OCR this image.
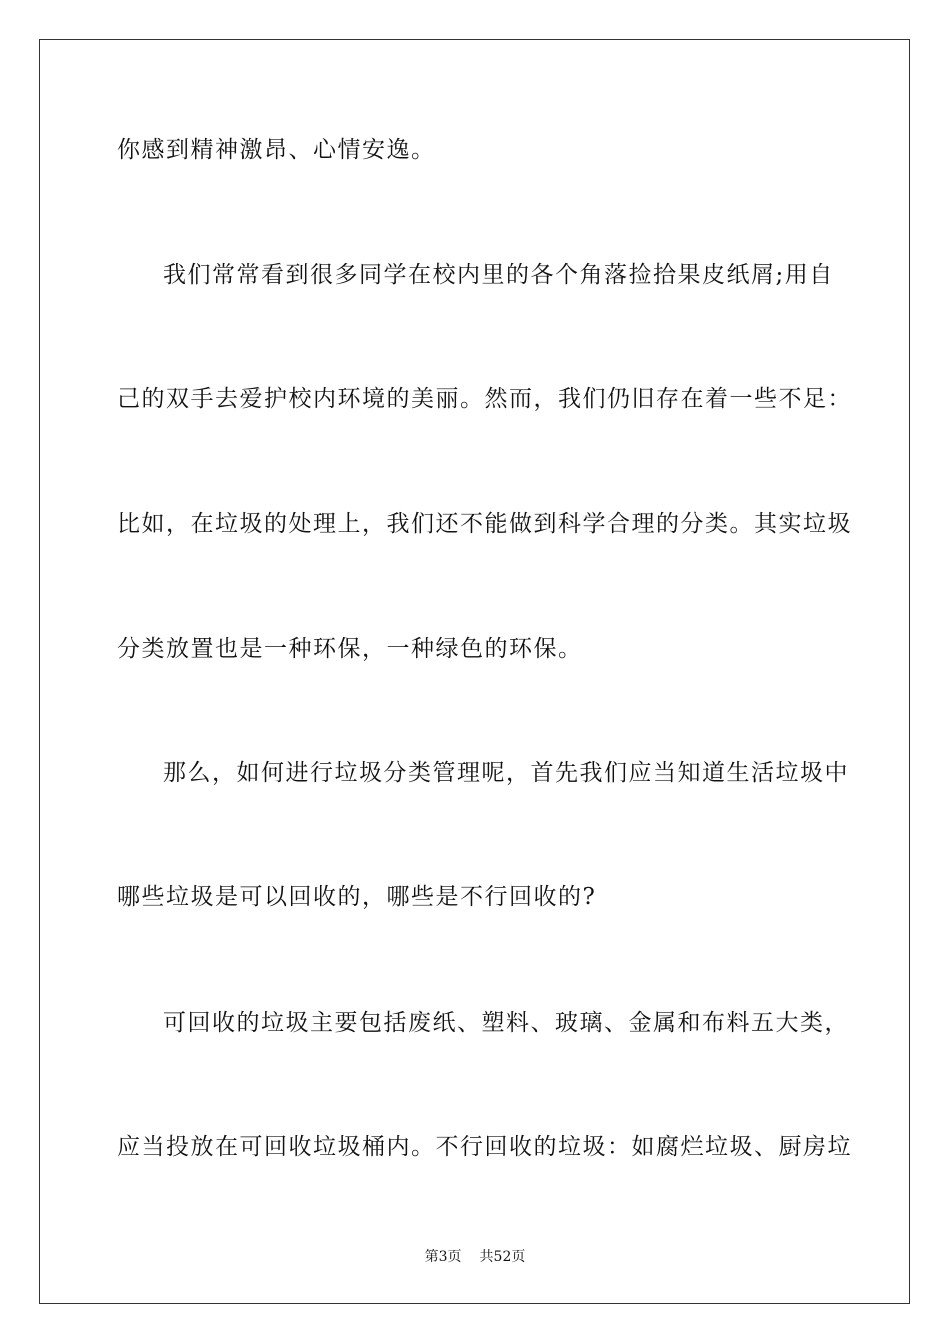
你感到精神激昂、心情安逸。
我们常常看到很多同学在校内里的各个角落捡拾果皮纸屑;用自
己的双手去爱护校内环境的美丽。然而，我们仍旧存在着一些不足：
比如，在垃圾的处理上，我们还不能做到科学合理的分类。其实垃圾
分类放置也是一种环保，一种绿色的环保。
那么，如何进行垃圾分类管理呢，首先我们应当知道生活垃圾中
哪些垃圾是可以回收的，哪些是不行回收的?
可回收的垃圾主要包括废纸、塑料、玻璃、金属和布料五大类，
应当投放在可回收垃圾桶内。不行回收的垃圾：如腐烂垃圾、厨房垃
第3页 共52页
